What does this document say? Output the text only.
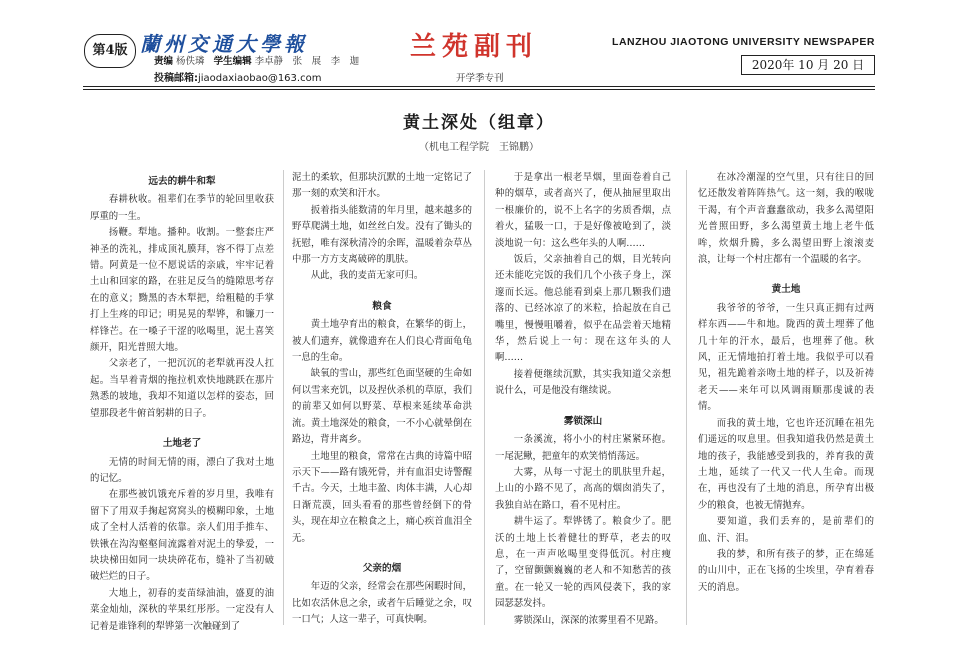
第4版 蘭州交通大學報
责编 杨佚璘 学生编辑 李卓静　张　展　李　迦
投稿邮箱:jiaodaxiaobao@163.com
兰苑副刊
开学季专刊
LANZHOU JIAOTONG UNIVERSITY NEWSPAPER
2020年 10 月 20 日
黄土深处（组章）
（机电工程学院　王锦鹏）
远去的耕牛和犁

春耕秋收。祖辈们在季节的轮回里收获厚重的一生。

扬鞭。犁地。播种。收割。一整套庄严神圣的洗礼，排成顶礼膜拜，容不得丁点差错。阿黄是一位不愿说话的亲戚，牢牢记着土山和回家的路，在驻足反刍的缝隙思考存在的意义；黝黑的杏木犁把，给粗糙的手掌打上生疼的印记；明晃晃的犁铧，和镰刀一样锋芒。在一嗓子干涩的吆喝里，泥土喜笑颜开，阳光普照大地。

父亲老了，一把沉沉的老犁就再没人扛起。当旱着青烟的拖拉机欢快地跳跃在那片熟悉的坡地，我却不知道以怎样的姿态，回望那段老牛俯首躬耕的日子。

土地老了

无情的时间无情的雨，漂白了我对土地的记忆。

在那些被饥饿充斥着的岁月里，我唯有留下了用双手掬起窝窝头的模糊印象，土地成了全村人活着的依靠。亲人们用手推车、铁锹在沟沟壑壑间流露着对泥土的挚爱，一块块梯田如同一块块碎花布，缝补了当初破破烂烂的日子。

大地上，初春的麦苗绿油油，盛夏的油菜金灿灿，深秋的苹果红彤彤。一定没有人记着是谁锋利的犁铧第一次触碰到了

泥土的柔软，但那块沉默的土地一定铭记了那一刻的欢笑和汗水。

扳着指头能数清的年月里，越来越多的野草爬满土地，如丝丝白发。没有了锄头的抚慰，唯有深秋清冷的余晖，温暖着杂草丛中那一方方支离破碎的肌肤。

从此，我的麦苗无家可归。

粮食

黄土地孕育出的粮食，在繁华的街上，被人们遗弃，就像遗弃在人们良心背面龟龟一息的生命。

缺氧的雪山，那些红色面坚硬的生命如何以雪来充饥，以及捏伙杀机的草原，我们的前辈又如何以野菜、草根来延续革命洪流。黄土地深处的粮食，一不小心就晕倒在路边，背井离乡。

土地里的粮食，常常在古典的诗篇中昭示天下——路有饿死骨，并有血泪史诗警醒千古。今天，土地丰盈、肉体丰满，人心却日渐荒漠，回头看看的那些曾经倒下的骨头，现在却立在粮食之上，痛心疾首血泪全无。

父亲的烟

年迈的父亲，经常会在那些闲暇时间，比如农活休息之余，或者午后睡觉之余，叹一口气；人这一辈子，可真快啊。

于是拿出一根老旱烟，里面卷着自己种的烟草，或者高兴了，便从抽屉里取出一根廉价的，说不上名字的劣质香烟，点着火，猛吸一口，于是好像被呛到了，淡淡地说一句：这么些年头的人啊……

饭后，父亲抽着自己的烟，目光转向还未能吃完饭的我们几个小孩子身上，深邃而长远。他总能看到桌上那几颗我们遗落的、已经冰凉了的米粒，拾起放在自己嘴里，慢慢咀嚼着，似乎在品尝着天地精华，然后说上一句：现在这年头的人啊……

接着便继续沉默，其实我知道父亲想说什么，可是他没有继续说。

雾锁深山

一条溪流，将小小的村庄紧紧环抱。一尾泥鳅，把童年的欢笑悄悄荡远。

大雾，从每一寸泥土的肌肤里升起，上山的小路不见了，高高的烟囱消失了，我独自站在路口，看不见村庄。

耕牛运了。犁铧锈了。粮食少了。肥沃的土地上长着健壮的野草，老去的叹息，在一声声吆喝里变得低沉。村庄瘦了，空留颤颤巍巍的老人和不知愁苦的孩童。在一轮又一轮的西风侵袭下，我的家园瑟瑟发抖。

雾锁深山，深深的浓雾里看不见路。

在冰冷潮湿的空气里，只有往日的回忆还散发着阵阵热气。这一刻，我的喉咙干渴，有个声音蠢蠢欲动，我多么渴望阳光普照田野，多么渴望黄土地上老牛低哞，炊烟升腾，多么渴望田野上滚滚麦浪，让每一个村庄都有一个温暖的名字。

黄土地

我爷爷的爷爷，一生只真正拥有过两样东西——牛和地。陇西的黄土埋葬了他几十年的汗水，最后，也埋葬了他。秋风，正无情地拍打着土地。我似乎可以看见，祖先跪着亲吻土地的样子，以及祈祷老天——来年可以风调雨顺那虔诚的表情。

而我的黄土地，它也许还沉睡在祖先们遥远的叹息里。但我知道我仍然是黄土地的孩子，我能感受到我的，养育我的黄土地，延续了一代又一代人生命。而现在，再也没有了土地的消息，所孕育出极少的粮食，也被无情抛弃。

要知道，我们丢弃的，是前辈们的血、汗、泪。

我的梦，和所有孩子的梦，正在绵延的山川中，正在飞扬的尘埃里，孕育着春天的消息。
